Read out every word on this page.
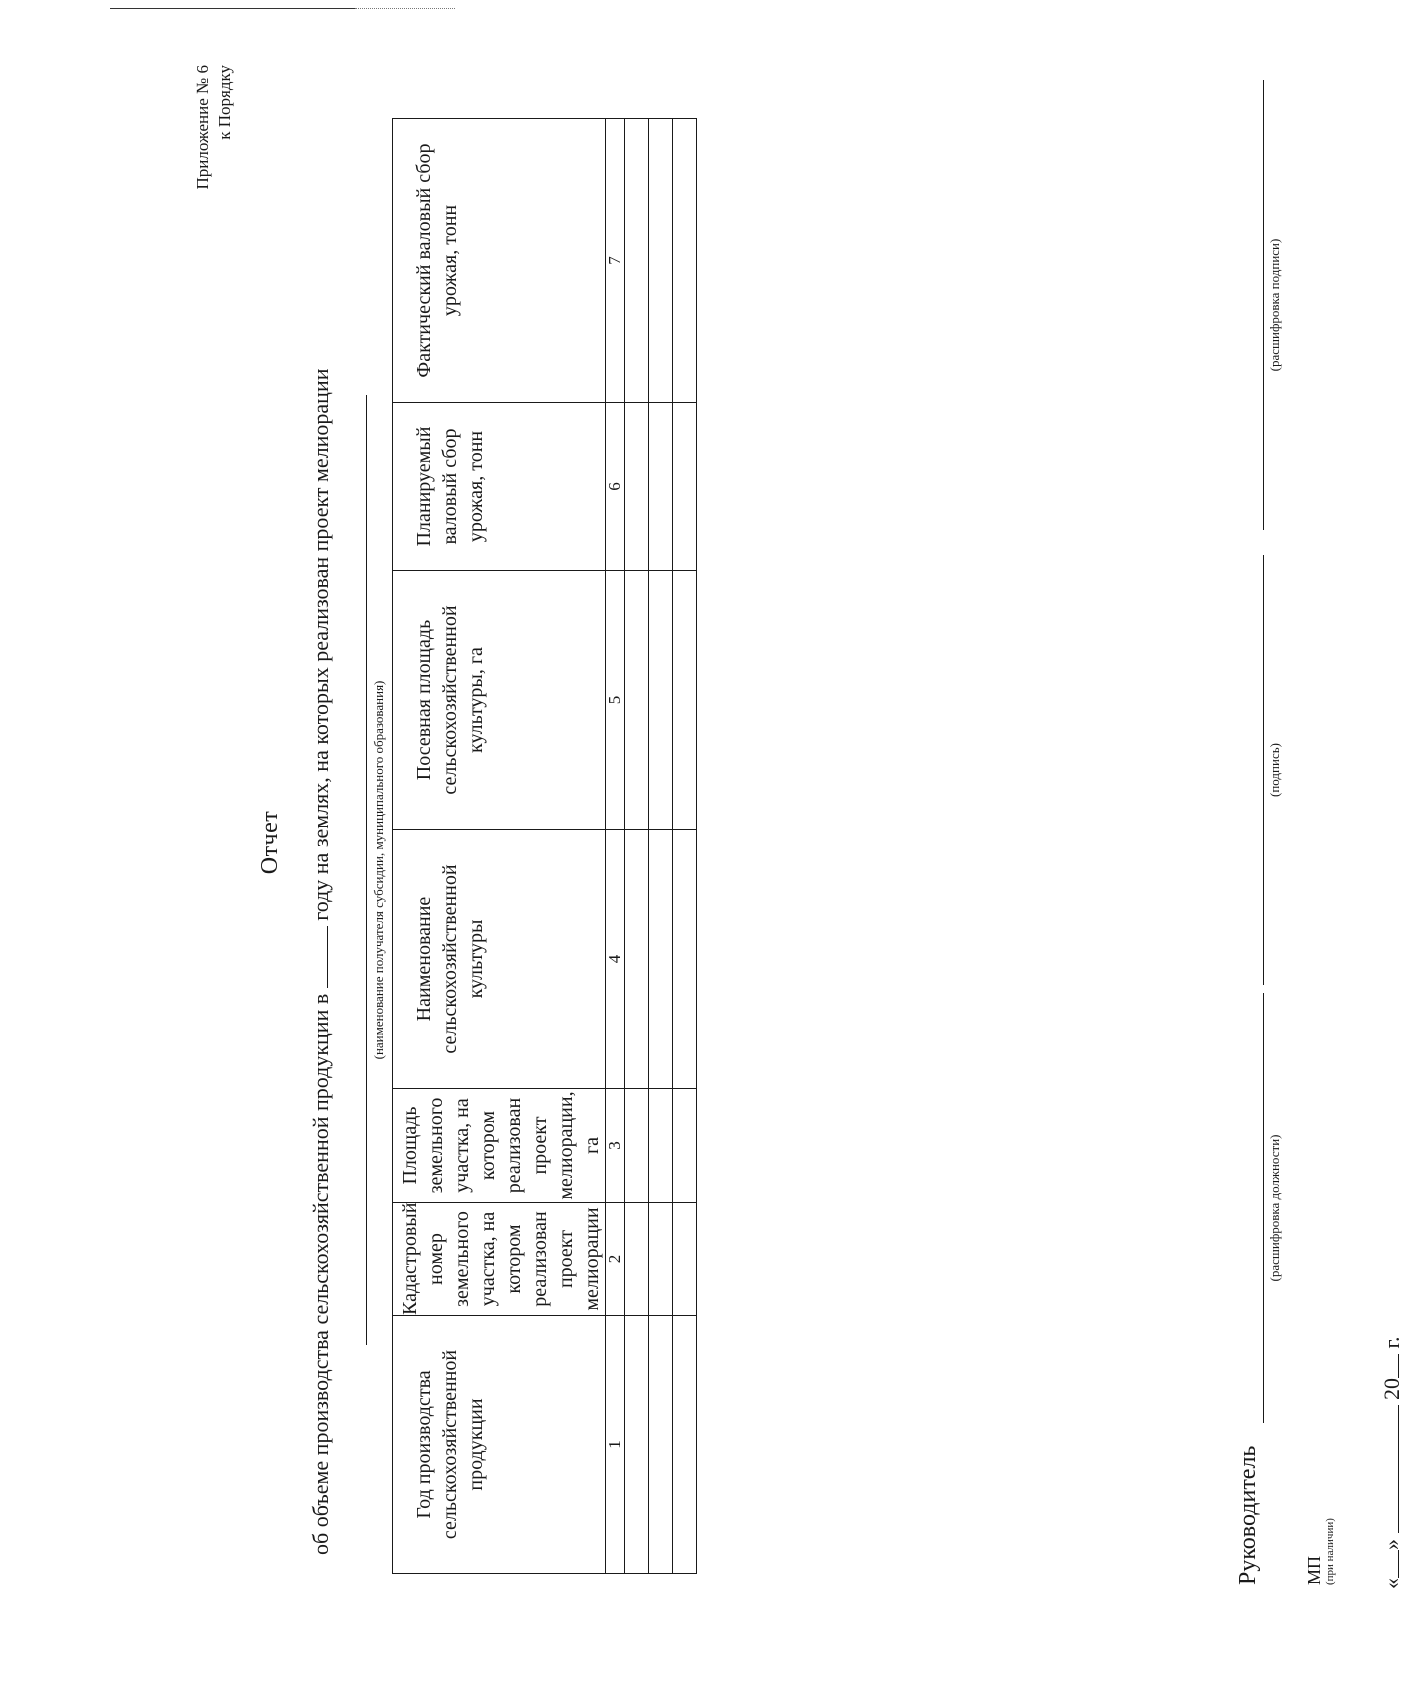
Приложение № 6 к Порядку
Отчет
об объеме производства сельскохозяйственной продукции в  году на землях, на которых реализован проект мелиорации	(наименование получателя субсидии, муниципального образования)
Год производства сельскохозяйственной продукции	Кадастровый номер земельного участка, на котором реализован проект мелиорации	Площадь земельного участка, на котором реализован проект мелиорации, га	Наименование сельскохозяйственной культуры	Посевная площадь сельскохозяйственной культуры, га	Планируемый валовый сбор урожая, тонн	Фактический валовый сбор урожая, тонн
1	2	3	4	5	6	7

Руководитель
(расшифровка должности)
(подпись)
(расшифровка подписи)
МП (при наличии) «»  20 г.
